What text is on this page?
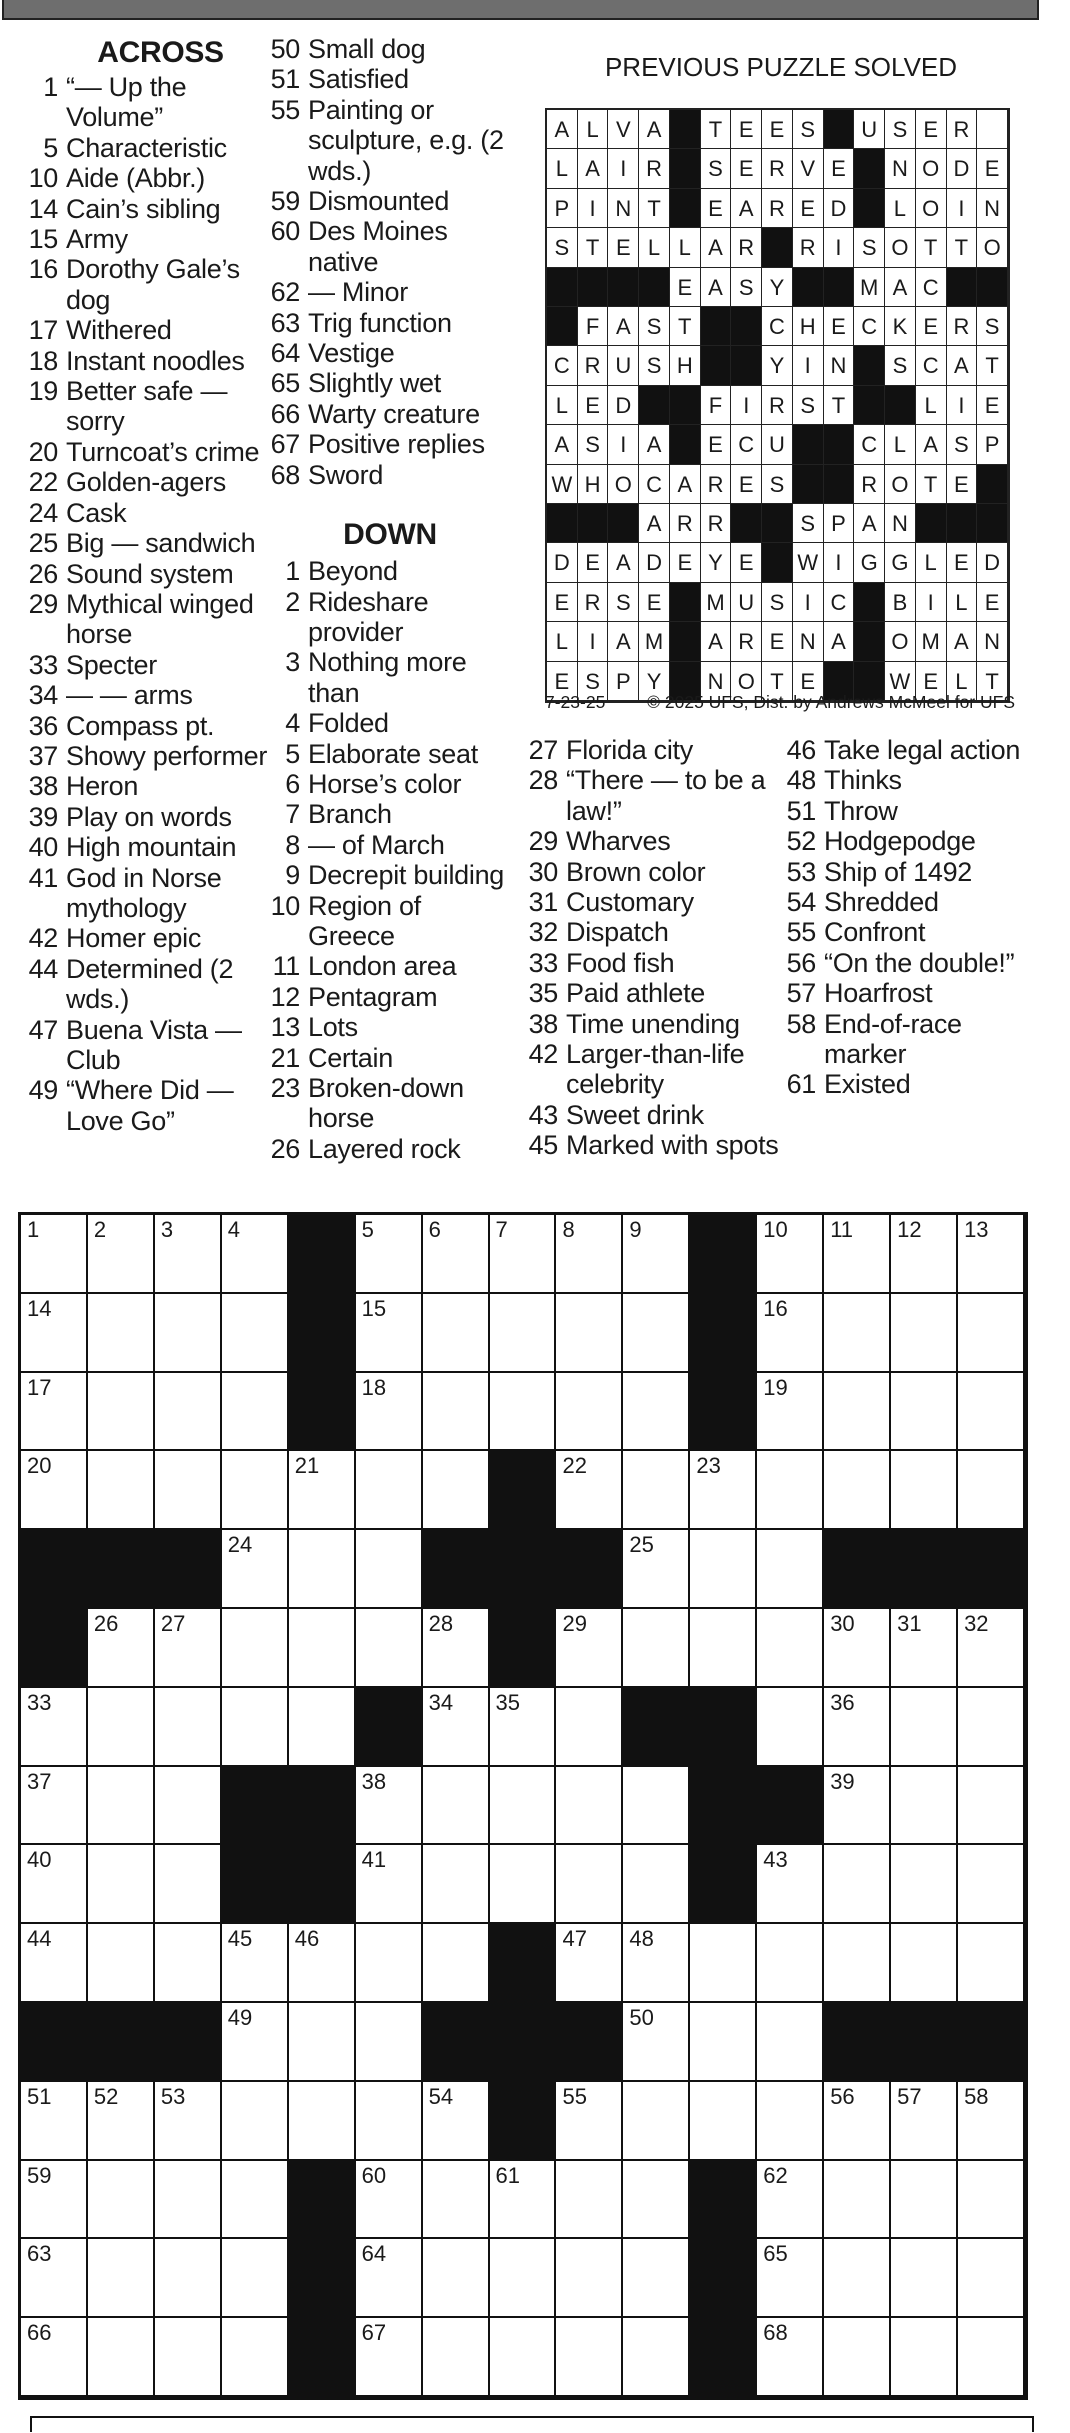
ACROSS
1 “— Up the Volume”
5 Characteristic
10 Aide (Abbr.)
14 Cain’s sibling
15 Army
16 Dorothy Gale’s dog
17 Withered
18 Instant noodles
19 Better safe — sorry
20 Turncoat’s crime
22 Golden-agers
24 Cask
25 Big — sandwich
26 Sound system
29 Mythical winged horse
33 Specter
34 — — arms
36 Compass pt.
37 Showy performer
38 Heron
39 Play on words
40 High mountain
41 God in Norse mythology
42 Homer epic
44 Determined (2 wds.)
47 Buena Vista — Club
49 “Where Did — Love Go”
50 Small dog
51 Satisfied
55 Painting or sculpture, e.g. (2 wds.)
59 Dismounted
60 Des Moines native
62 — Minor
63 Trig function
64 Vestige
65 Slightly wet
66 Warty creature
67 Positive replies
68 Sword
DOWN
1 Beyond
2 Rideshare provider
3 Nothing more than
4 Folded
5 Elaborate seat
6 Horse’s color
7 Branch
8 — of March
9 Decrepit building
10 Region of Greece
11 London area
12 Pentagram
13 Lots
21 Certain
23 Broken-down horse
26 Layered rock
27 Florida city
28 “There — to be a law!”
29 Wharves
30 Brown color
31 Customary
32 Dispatch
33 Food fish
35 Paid athlete
38 Time unending
42 Larger-than-life celebrity
43 Sweet drink
45 Marked with spots
46 Take legal action
48 Thinks
51 Throw
52 Hodgepodge
53 Ship of 1492
54 Shredded
55 Confront
56 “On the double!”
57 Hoarfrost
58 End-of-race marker
61 Existed
PREVIOUS PUZZLE SOLVED
A L V A	T E E S	U S E R
L A I R	S E R V E	N O D E
P I N T	E A R E D	L O I N
S T E L L A R	R I S O T T O
E A S Y	M A C
F A S T	C H E C K E R S
C R U S H	Y I N	S C A T
L E D	F I R S T	L I E
A S I A	E C U	C L A S P
W H O C A R E S	R O T E
A R R	S P A N
D E A D E Y E	W I G G L E D
E R S E	M U S I C	B I L E
L I A M	A R E N A	O M A N
E S P Y	N O T E	W E L T
7-23-25 © 2025 UFS, Dist. by Andrews McMeel for UFS
1 2 3 4	5 6 7 8 9	10 11 12 13
14	15	16
17	18	19
20	21	22	23
24	25
26 27	28	29	30 31 32
33	34 35	36
37	38	39
40	41	43
44	45 46	47 48
49	50
51 52 53	54	55	56 57 58
59	60	61	62
63	64	65
66	67	68
